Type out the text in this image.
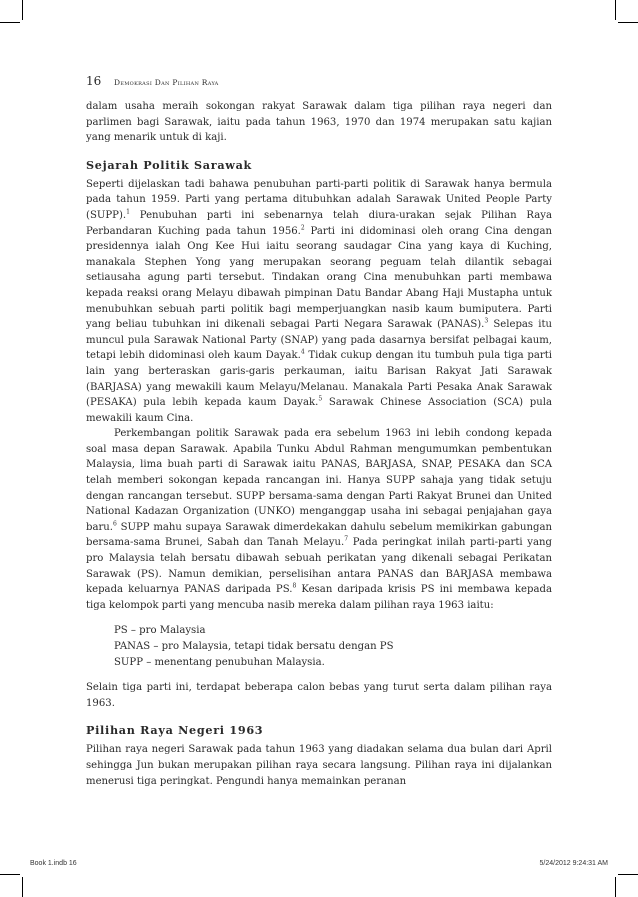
16 Demokrasi Dan Pilihan Raya

dalam usaha meraih sokongan rakyat Sarawak dalam tiga pilihan raya negeri dan parlimen bagi Sarawak, iaitu pada tahun 1963, 1970 dan 1974 merupakan satu kajian yang menarik untuk di kaji.

Sejarah Politik Sarawak

Seperti dijelaskan tadi bahawa penubuhan parti-parti politik di Sarawak hanya bermula pada tahun 1959. Parti yang pertama ditubuhkan adalah Sarawak United People Party (SUPP).$^1$ Penubuhan parti ini sebenarnya telah diura-urakan sejak Pilihan Raya Perbandaran Kuching pada tahun 1956.$^2$ Parti ini didominasi oleh orang Cina dengan presidennya ialah Ong Kee Hui iaitu seorang saudagar Cina yang kaya di Kuching, manakala Stephen Yong yang merupakan seorang peguam telah dilantik sebagai setiausaha agung parti tersebut. Tindakan orang Cina menubuhkan parti membawa kepada reaksi orang Melayu dibawah pimpinan Datu Bandar Abang Haji Mustapha untuk menubuhkan sebuah parti politik bagi memperjuangkan nasib kaum bumiputera. Parti yang beliau tubuhkan ini dikenali sebagai Parti Negara Sarawak (PANAS).$^3$ Selepas itu muncul pula Sarawak National Party (SNAP) yang pada dasarnya bersifat pelbagai kaum, tetapi lebih didominasi oleh kaum Dayak.$^4$ Tidak cukup dengan itu tumbuh pula tiga parti lain yang berteraskan garis-garis perkauman, iaitu Barisan Rakyat Jati Sarawak (BARJASA) yang mewakili kaum Melayu/Melanau. Manakala Parti Pesaka Anak Sarawak (PESAKA) pula lebih kepada kaum Dayak.$^5$ Sarawak Chinese Association (SCA) pula mewakili kaum Cina.

Perkembangan politik Sarawak pada era sebelum 1963 ini lebih condong kepada soal masa depan Sarawak. Apabila Tunku Abdul Rahman mengumumkan pembentukan Malaysia, lima buah parti di Sarawak iaitu PANAS, BARJASA, SNAP, PESAKA dan SCA telah memberi sokongan kepada rancangan ini. Hanya SUPP sahaja yang tidak setuju dengan rancangan tersebut. SUPP bersama-sama dengan Parti Rakyat Brunei dan United National Kadazan Organization (UNKO) menganggap usaha ini sebagai penjajahan gaya baru.$^6$ SUPP mahu supaya Sarawak dimerdekakan dahulu sebelum memikirkan gabungan bersama-sama Brunei, Sabah dan Tanah Melayu.$^7$ Pada peringkat inilah parti-parti yang pro Malaysia telah bersatu dibawah sebuah perikatan yang dikenali sebagai Perikatan Sarawak (PS). Namun demikian, perselisihan antara PANAS dan BARJASA membawa kepada keluarnya PANAS daripada PS.$^8$ Kesan daripada krisis PS ini membawa kepada tiga kelompok parti yang mencuba nasib mereka dalam pilihan raya 1963 iaitu:

PS – pro Malaysia
PANAS – pro Malaysia, tetapi tidak bersatu dengan PS
SUPP – menentang penubuhan Malaysia.

Selain tiga parti ini, terdapat beberapa calon bebas yang turut serta dalam pilihan raya 1963.

Pilihan Raya Negeri 1963

Pilihan raya negeri Sarawak pada tahun 1963 yang diadakan selama dua bulan dari April sehingga Jun bukan merupakan pilihan raya secara langsung. Pilihan raya ini dijalankan menerusi tiga peringkat. Pengundi hanya memainkan peranan

Book 1.indb 16	5/24/2012 9:24:31 AM
